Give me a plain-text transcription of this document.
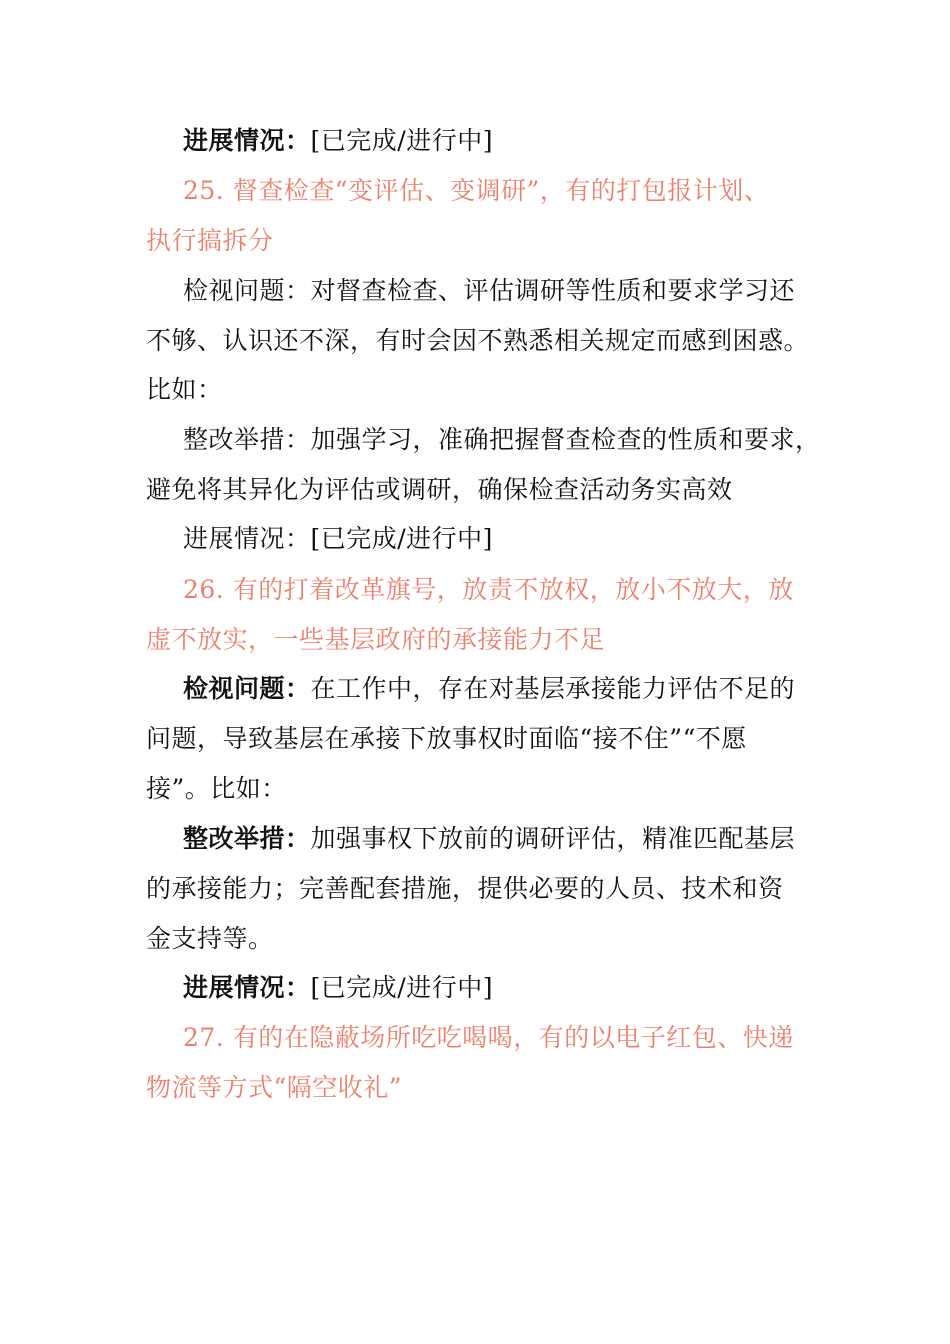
进展情况：[已完成/进行中]
25. 督查检查“变评估、变调研”，有的打包报计划、
执行搞拆分
检视问题：对督查检查、评估调研等性质和要求学习还
不够、认识还不深，有时会因不熟悉相关规定而感到困惑。
比如：
整改举措：加强学习，准确把握督查检查的性质和要求，
避免将其异化为评估或调研，确保检查活动务实高效
进展情况：[已完成/进行中]
26. 有的打着改革旗号，放责不放权，放小不放大，放
虚不放实，一些基层政府的承接能力不足
检视问题：在工作中，存在对基层承接能力评估不足的
问题，导致基层在承接下放事权时面临“接不住”“不愿
接”。比如：
整改举措：加强事权下放前的调研评估，精准匹配基层
的承接能力；完善配套措施，提供必要的人员、技术和资
金支持等。
进展情况：[已完成/进行中]
27. 有的在隐蔽场所吃吃喝喝，有的以电子红包、快递
物流等方式“隔空收礼”
